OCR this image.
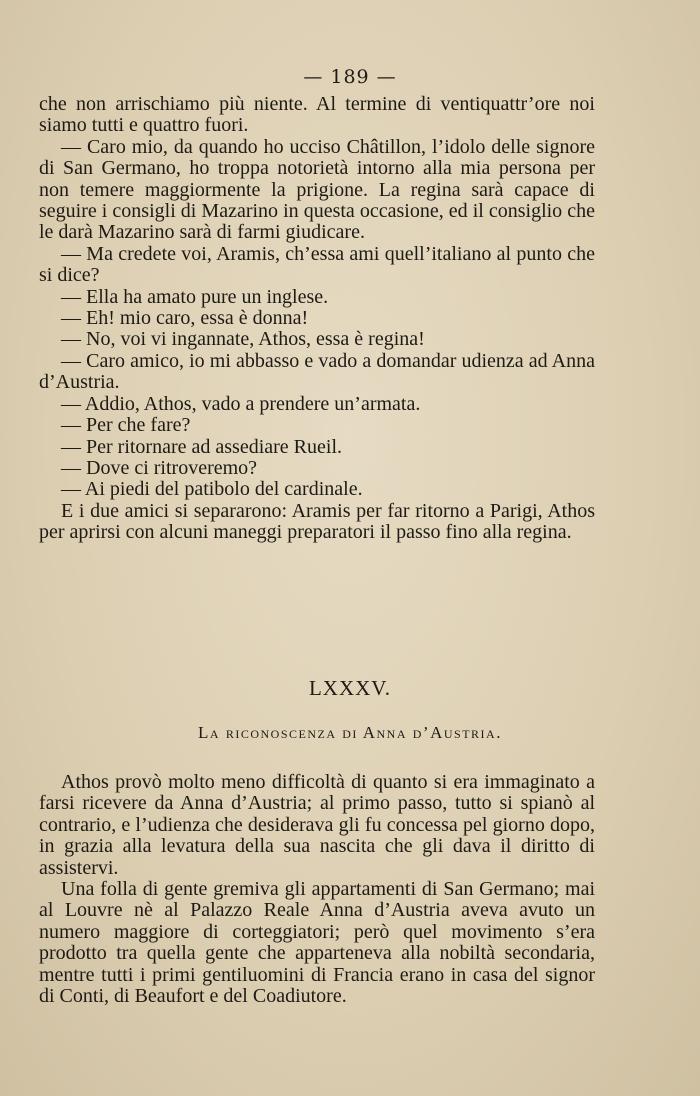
— 189 —

che non arrischiamo più niente. Al termine di ventiquattr’ore noi siamo tutti e quattro fuori.

— Caro mio, da quando ho ucciso Châtillon, l’idolo delle signore di San Germano, ho troppa notorietà intorno alla mia persona per non temere maggiormente la prigione. La regina sarà capace di seguire i consigli di Mazarino in questa occasione, ed il consiglio che le darà Mazarino sarà di farmi giudicare.

— Ma credete voi, Aramis, ch’essa ami quell’italiano al punto che si dice?

— Ella ha amato pure un inglese.

— Eh! mio caro, essa è donna!

— No, voi vi ingannate, Athos, essa è regina!

— Caro amico, io mi abbasso e vado a domandar udienza ad Anna d’Austria.

— Addio, Athos, vado a prendere un’armata.

— Per che fare?

— Per ritornare ad assediare Rueil.

— Dove ci ritroveremo?

— Ai piedi del patibolo del cardinale.

E i due amici si separarono: Aramis per far ritorno a Parigi, Athos per aprirsi con alcuni maneggi preparatori il passo fino alla regina.

LXXXV.
La riconoscenza di Anna d’Austria.

Athos provò molto meno difficoltà di quanto si era immaginato a farsi ricevere da Anna d’Austria; al primo passo, tutto si spianò al contrario, e l’udienza che desiderava gli fu concessa pel giorno dopo, in grazia alla levatura della sua nascita che gli dava il diritto di assistervi.

Una folla di gente gremiva gli appartamenti di San Germano; mai al Louvre nè al Palazzo Reale Anna d’Austria aveva avuto un numero maggiore di corteggiatori; però quel movimento s’era prodotto tra quella gente che apparteneva alla nobiltà secondaria, mentre tutti i primi gentiluomini di Francia erano in casa del signor di Conti, di Beaufort e del Coadiutore.
